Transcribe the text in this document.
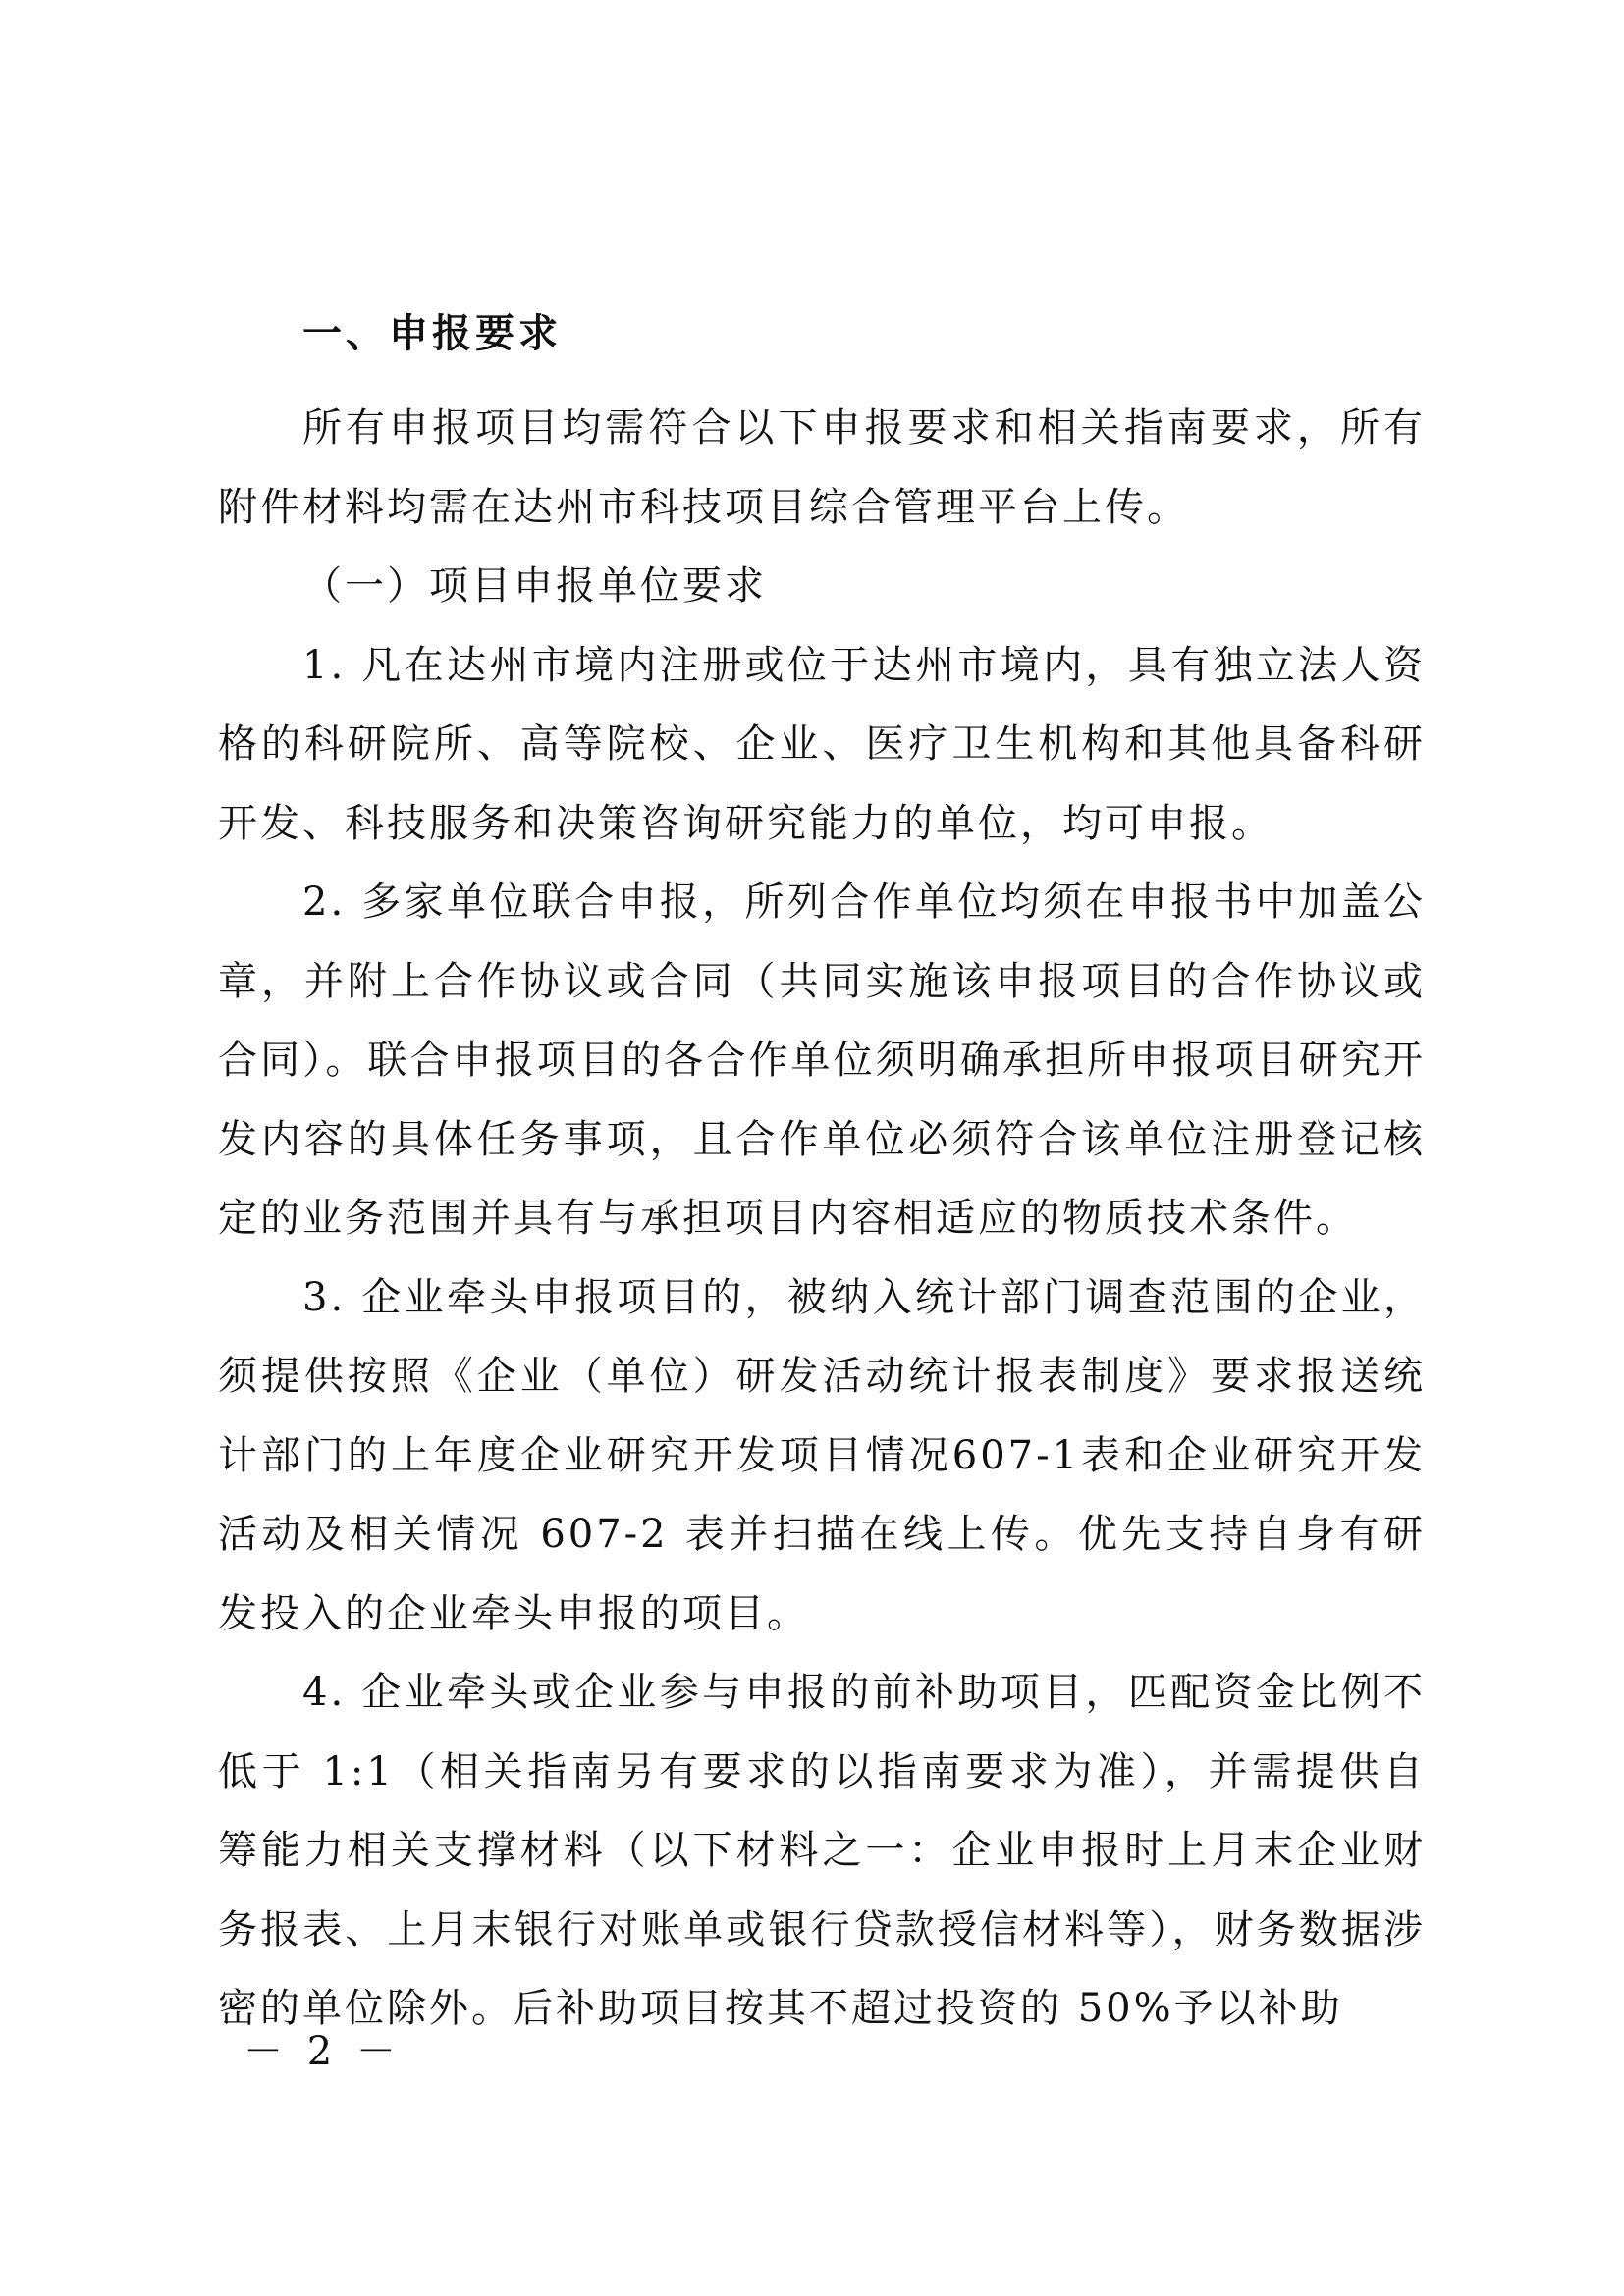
一、申报要求

所有申报项目均需符合以下申报要求和相关指南要求，所有附件材料均需在达州市科技项目综合管理平台上传。

（一）项目申报单位要求

1. 凡在达州市境内注册或位于达州市境内，具有独立法人资格的科研院所、高等院校、企业、医疗卫生机构和其他具备科研开发、科技服务和决策咨询研究能力的单位，均可申报。

2. 多家单位联合申报，所列合作单位均须在申报书中加盖公章，并附上合作协议或合同（共同实施该申报项目的合作协议或合同）。联合申报项目的各合作单位须明确承担所申报项目研究开发内容的具体任务事项，且合作单位必须符合该单位注册登记核定的业务范围并具有与承担项目内容相适应的物质技术条件。

3. 企业牵头申报项目的，被纳入统计部门调查范围的企业，须提供按照《企业（单位）研发活动统计报表制度》要求报送统计部门的上年度企业研究开发项目情况607-1表和企业研究开发活动及相关情况 607-2 表并扫描在线上传。优先支持自身有研发投入的企业牵头申报的项目。

4. 企业牵头或企业参与申报的前补助项目，匹配资金比例不低于 1:1（相关指南另有要求的以指南要求为准），并需提供自筹能力相关支撑材料（以下材料之一：企业申报时上月末企业财务报表、上月末银行对账单或银行贷款授信材料等），财务数据涉密的单位除外。后补助项目按其不超过投资的 50%予以补助

－ 2 －
